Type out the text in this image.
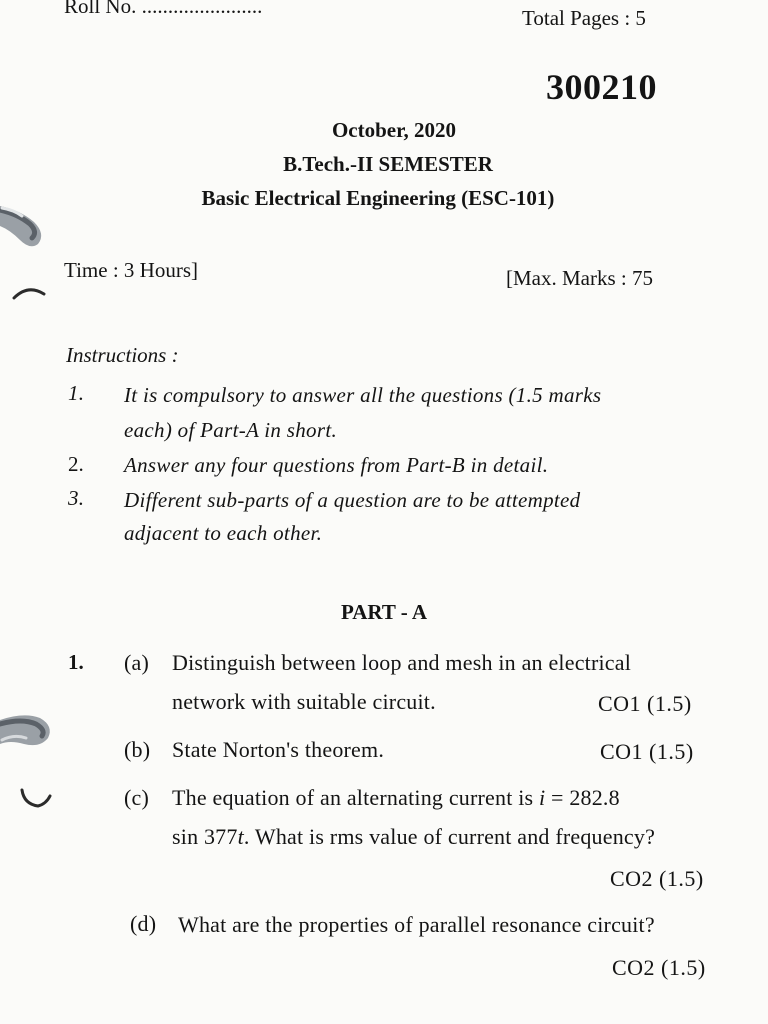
Roll No. .......................	Total Pages : 5
300210
October, 2020
B.Tech.-II SEMESTER
Basic Electrical Engineering (ESC-101)
Time : 3 Hours]	[Max. Marks : 75
Instructions :
1. It is compulsory to answer all the questions (1.5 marks
each) of Part-A in short.
2. Answer any four questions from Part-B in detail.
3. Different sub-parts of a question are to be attempted
adjacent to each other.
PART - A
1. (a) Distinguish between loop and mesh in an electrical
network with suitable circuit.	CO1 (1.5)
(b) State Norton's theorem.	CO1 (1.5)
(c) The equation of an alternating current is i = 282.8
sin 377t. What is rms value of current and frequency?
CO2 (1.5)
(d) What are the properties of parallel resonance circuit?
CO2 (1.5)
